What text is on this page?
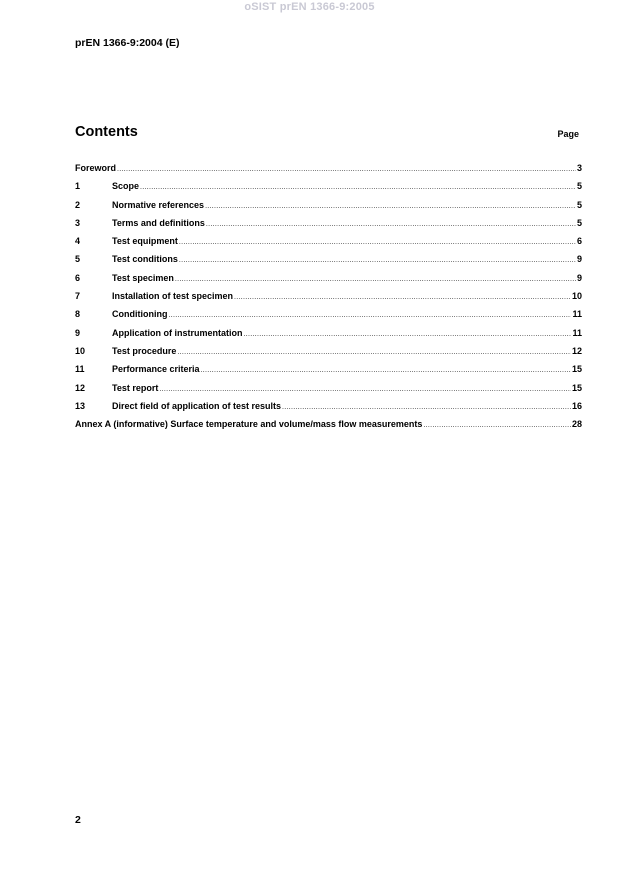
oSIST prEN 1366-9:2005
prEN 1366-9:2004 (E)
Contents	Page
Foreword .....	3
1	Scope .....	5
2	Normative references .....	5
3	Terms and definitions .....	5
4	Test equipment .....	6
5	Test conditions .....	9
6	Test specimen .....	9
7	Installation of test specimen .....	10
8	Conditioning .....	11
9	Application of instrumentation .....	11
10	Test procedure .....	12
11	Performance criteria .....	15
12	Test report .....	15
13	Direct field of application of test results .....	16
Annex A (informative) Surface temperature and volume/mass flow measurements .....	28
2
